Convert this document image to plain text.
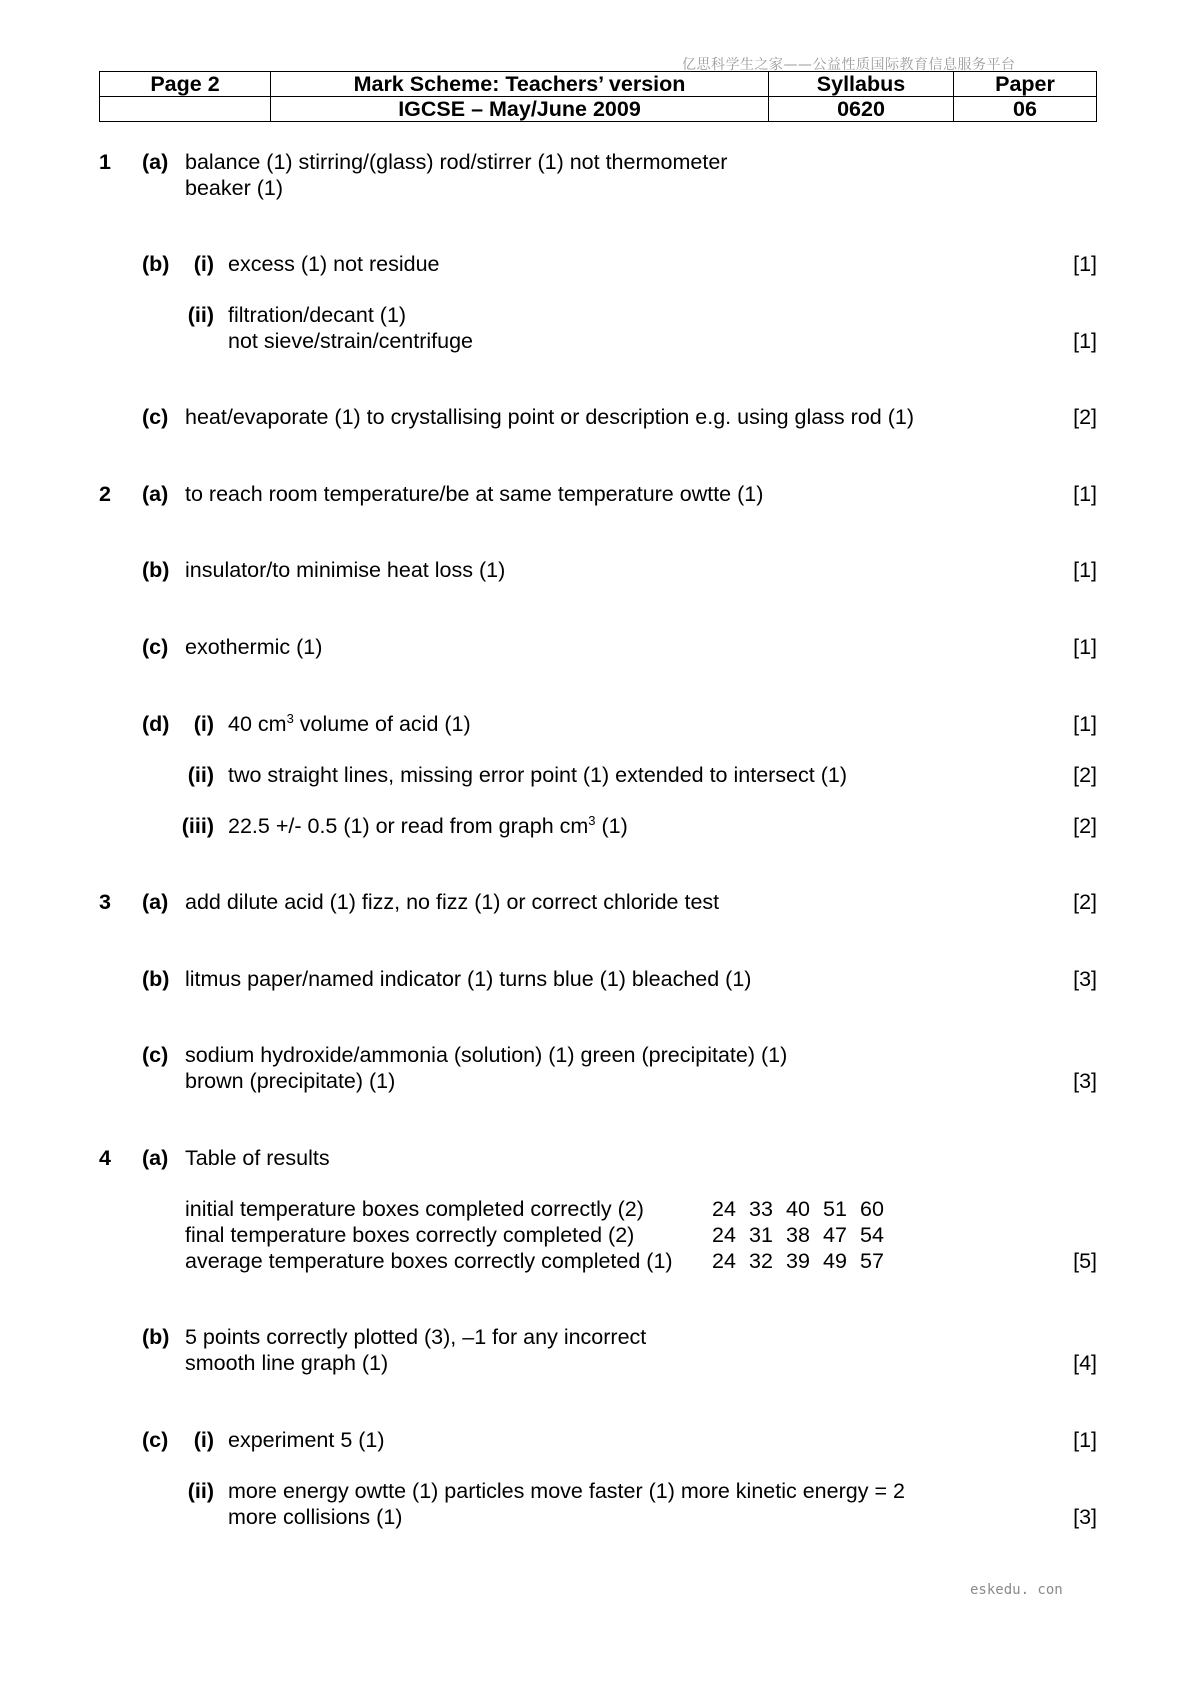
亿思科学生之家——公益性质国际教育信息服务平台
Page 2	Mark Scheme: Teachers’ version	Syllabus	Paper
	IGCSE – May/June 2009	0620	06
1 (a) balance (1) stirring/(glass) rod/stirrer (1) not thermometer
beaker (1)
(b)	(i) excess (1) not residue	[1]
(ii) filtration/decant (1)
not sieve/strain/centrifuge	[1]
(c) heat/evaporate (1) to crystallising point or description e.g. using glass rod (1)	[2]
2 (a) to reach room temperature/be at same temperature owtte (1)	[1]
(b) insulator/to minimise heat loss (1)	[1]
(c) exothermic (1)	[1]
(d)	(i) 40 $cm^3$ volume of acid (1)	[1]
(ii) two straight lines, missing error point (1) extended to intersect (1)	[2]
(iii) 22.5 +/- 0.5 (1) or read from graph $cm^3$ (1)	[2]
3 (a) add dilute acid (1) fizz, no fizz (1) or correct chloride test	[2]
(b) litmus paper/named indicator (1) turns blue (1) bleached (1)	[3]
(c) sodium hydroxide/ammonia (solution) (1) green (precipitate) (1)
brown (precipitate) (1)	[3]
4 (a) Table of results
initial temperature boxes completed correctly (2)	24 33 40 51 60
final temperature boxes correctly completed (2)	24 31 38 47 54
average temperature boxes correctly completed (1) 24 32 39 49 57	[5]
(b) 5 points correctly plotted (3), –1 for any incorrect
smooth line graph (1)	[4]
(c)	(i) experiment 5 (1)	[1]
(ii) more energy owtte (1) particles move faster (1) more kinetic energy = 2
more collisions (1)	[3]
eskedu. con
